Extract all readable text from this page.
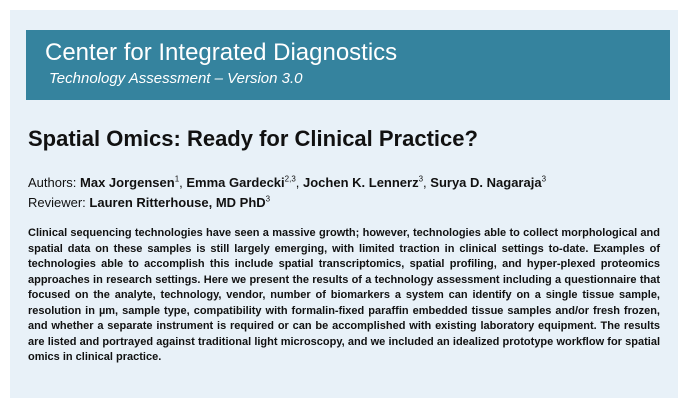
Center for Integrated Diagnostics
Technology Assessment – Version 3.0
Spatial Omics: Ready for Clinical Practice?
Authors: Max Jorgensen$^1$, Emma Gardecki$^{2,3}$, Jochen K. Lennerz$^3$, Surya D. Nagaraja$^3$
Reviewer: Lauren Ritterhouse, MD PhD$^3$

Clinical sequencing technologies have seen a massive growth; however, technologies able to collect morphological and spatial data on these samples is still largely emerging, with limited traction in clinical settings to-date. Examples of technologies able to accomplish this include spatial transcriptomics, spatial profiling, and hyper-plexed proteomics approaches in research settings. Here we present the results of a technology assessment including a questionnaire that focused on the analyte, technology, vendor, number of biomarkers a system can identify on a single tissue sample, resolution in µm, sample type, compatibility with formalin-fixed paraffin embedded tissue samples and/or fresh frozen, and whether a separate instrument is required or can be accomplished with existing laboratory equipment. The results are listed and portrayed against traditional light microscopy, and we included an idealized prototype workflow for spatial omics in clinical practice.
